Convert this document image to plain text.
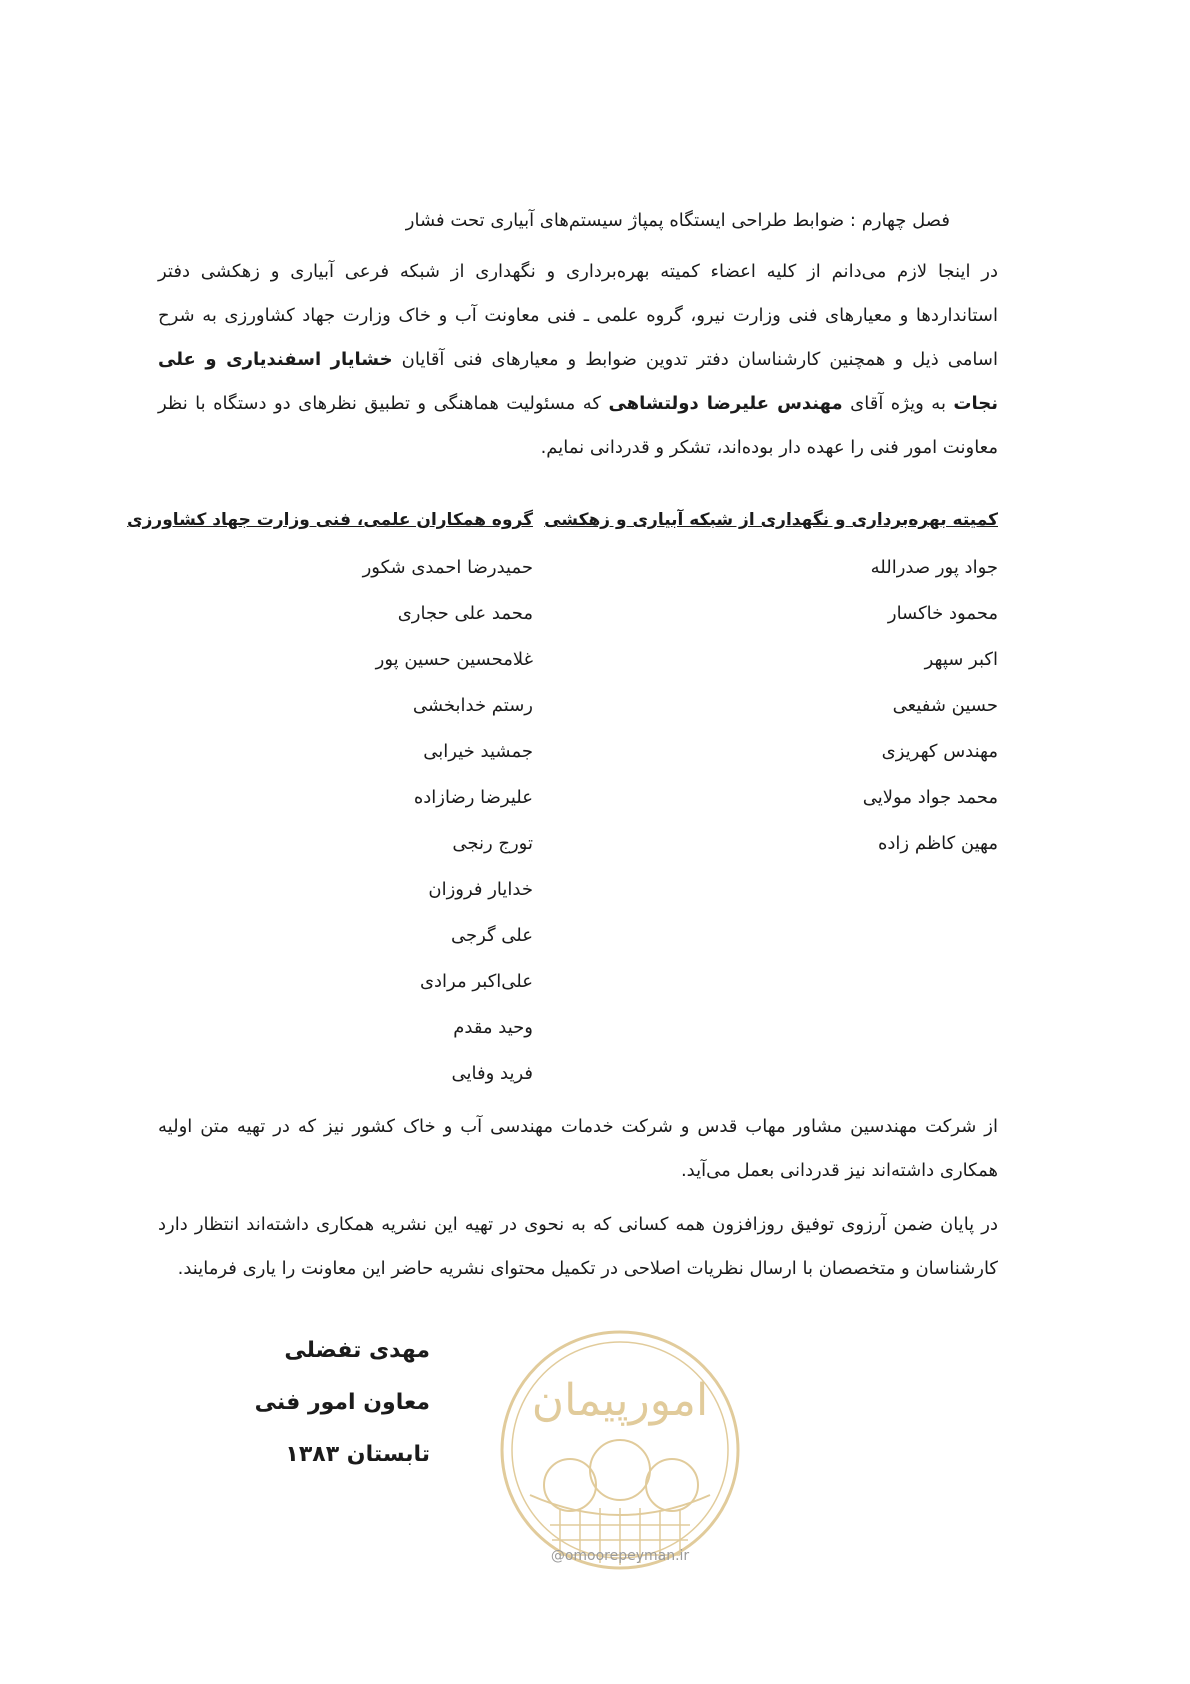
فصل چهارم : ضوابط طراحی ایستگاه پمپاژ سیستم‌های آبیاری تحت فشار
در اینجا لازم می‌دانم از کلیه اعضاء کمیته بهره‌برداری و نگهداری از شبکه فرعی آبیاری و زهکشی دفتر استانداردها و معیارهای فنی وزارت نیرو، گروه علمی ـ فنی معاونت آب و خاک وزارت جهاد کشاورزی به شرح اسامی ذیل و همچنین کارشناسان دفتر تدوین ضوابط و معیارهای فنی آقایان خشایار اسفندیاری و علی نجات به ویژه آقای مهندس علیرضا دولتشاهی که مسئولیت هماهنگی و تطبیق نظرهای دو دستگاه با نظر معاونت امور فنی را عهده دار بوده‌اند، تشکر و قدردانی نمایم.
کمیته بهره‌برداری و نگهداری از شبکه آبیاری و زهکشی
جواد پور صدرالله
محمود خاکسار
اکبر سپهر
حسین شفیعی
مهندس کهریزی
محمد جواد مولایی
مهین کاظم زاده
گروه همکاران علمی، فنی وزارت جهاد کشاورزی
حمیدرضا احمدی شکور
محمد علی حجاری
غلامحسین حسین پور
رستم خدابخشی
جمشید خیرابی
علیرضا رضازاده
تورج رنجی
خدایار فروزان
علی گرجی
علی‌اکبر مرادی
وحید مقدم
فرید وفایی

از شرکت مهندسین مشاور مهاب قدس و شرکت خدمات مهندسی آب و خاک کشور نیز که در تهیه متن اولیه همکاری داشته‌اند نیز قدردانی بعمل می‌آید.

در پایان ضمن آرزوی توفیق روزافزون همه کسانی که به نحوی در تهیه این نشریه همکاری داشته‌اند انتظار دارد کارشناسان و متخصصان با ارسال نظریات اصلاحی در تکمیل محتوای نشریه حاضر این معاونت را یاری فرمایند.

مهدی تفضلی
معاون امور فنی
تابستان ۱۳۸۳
امورپیمان
@omoorepeyman.ir
